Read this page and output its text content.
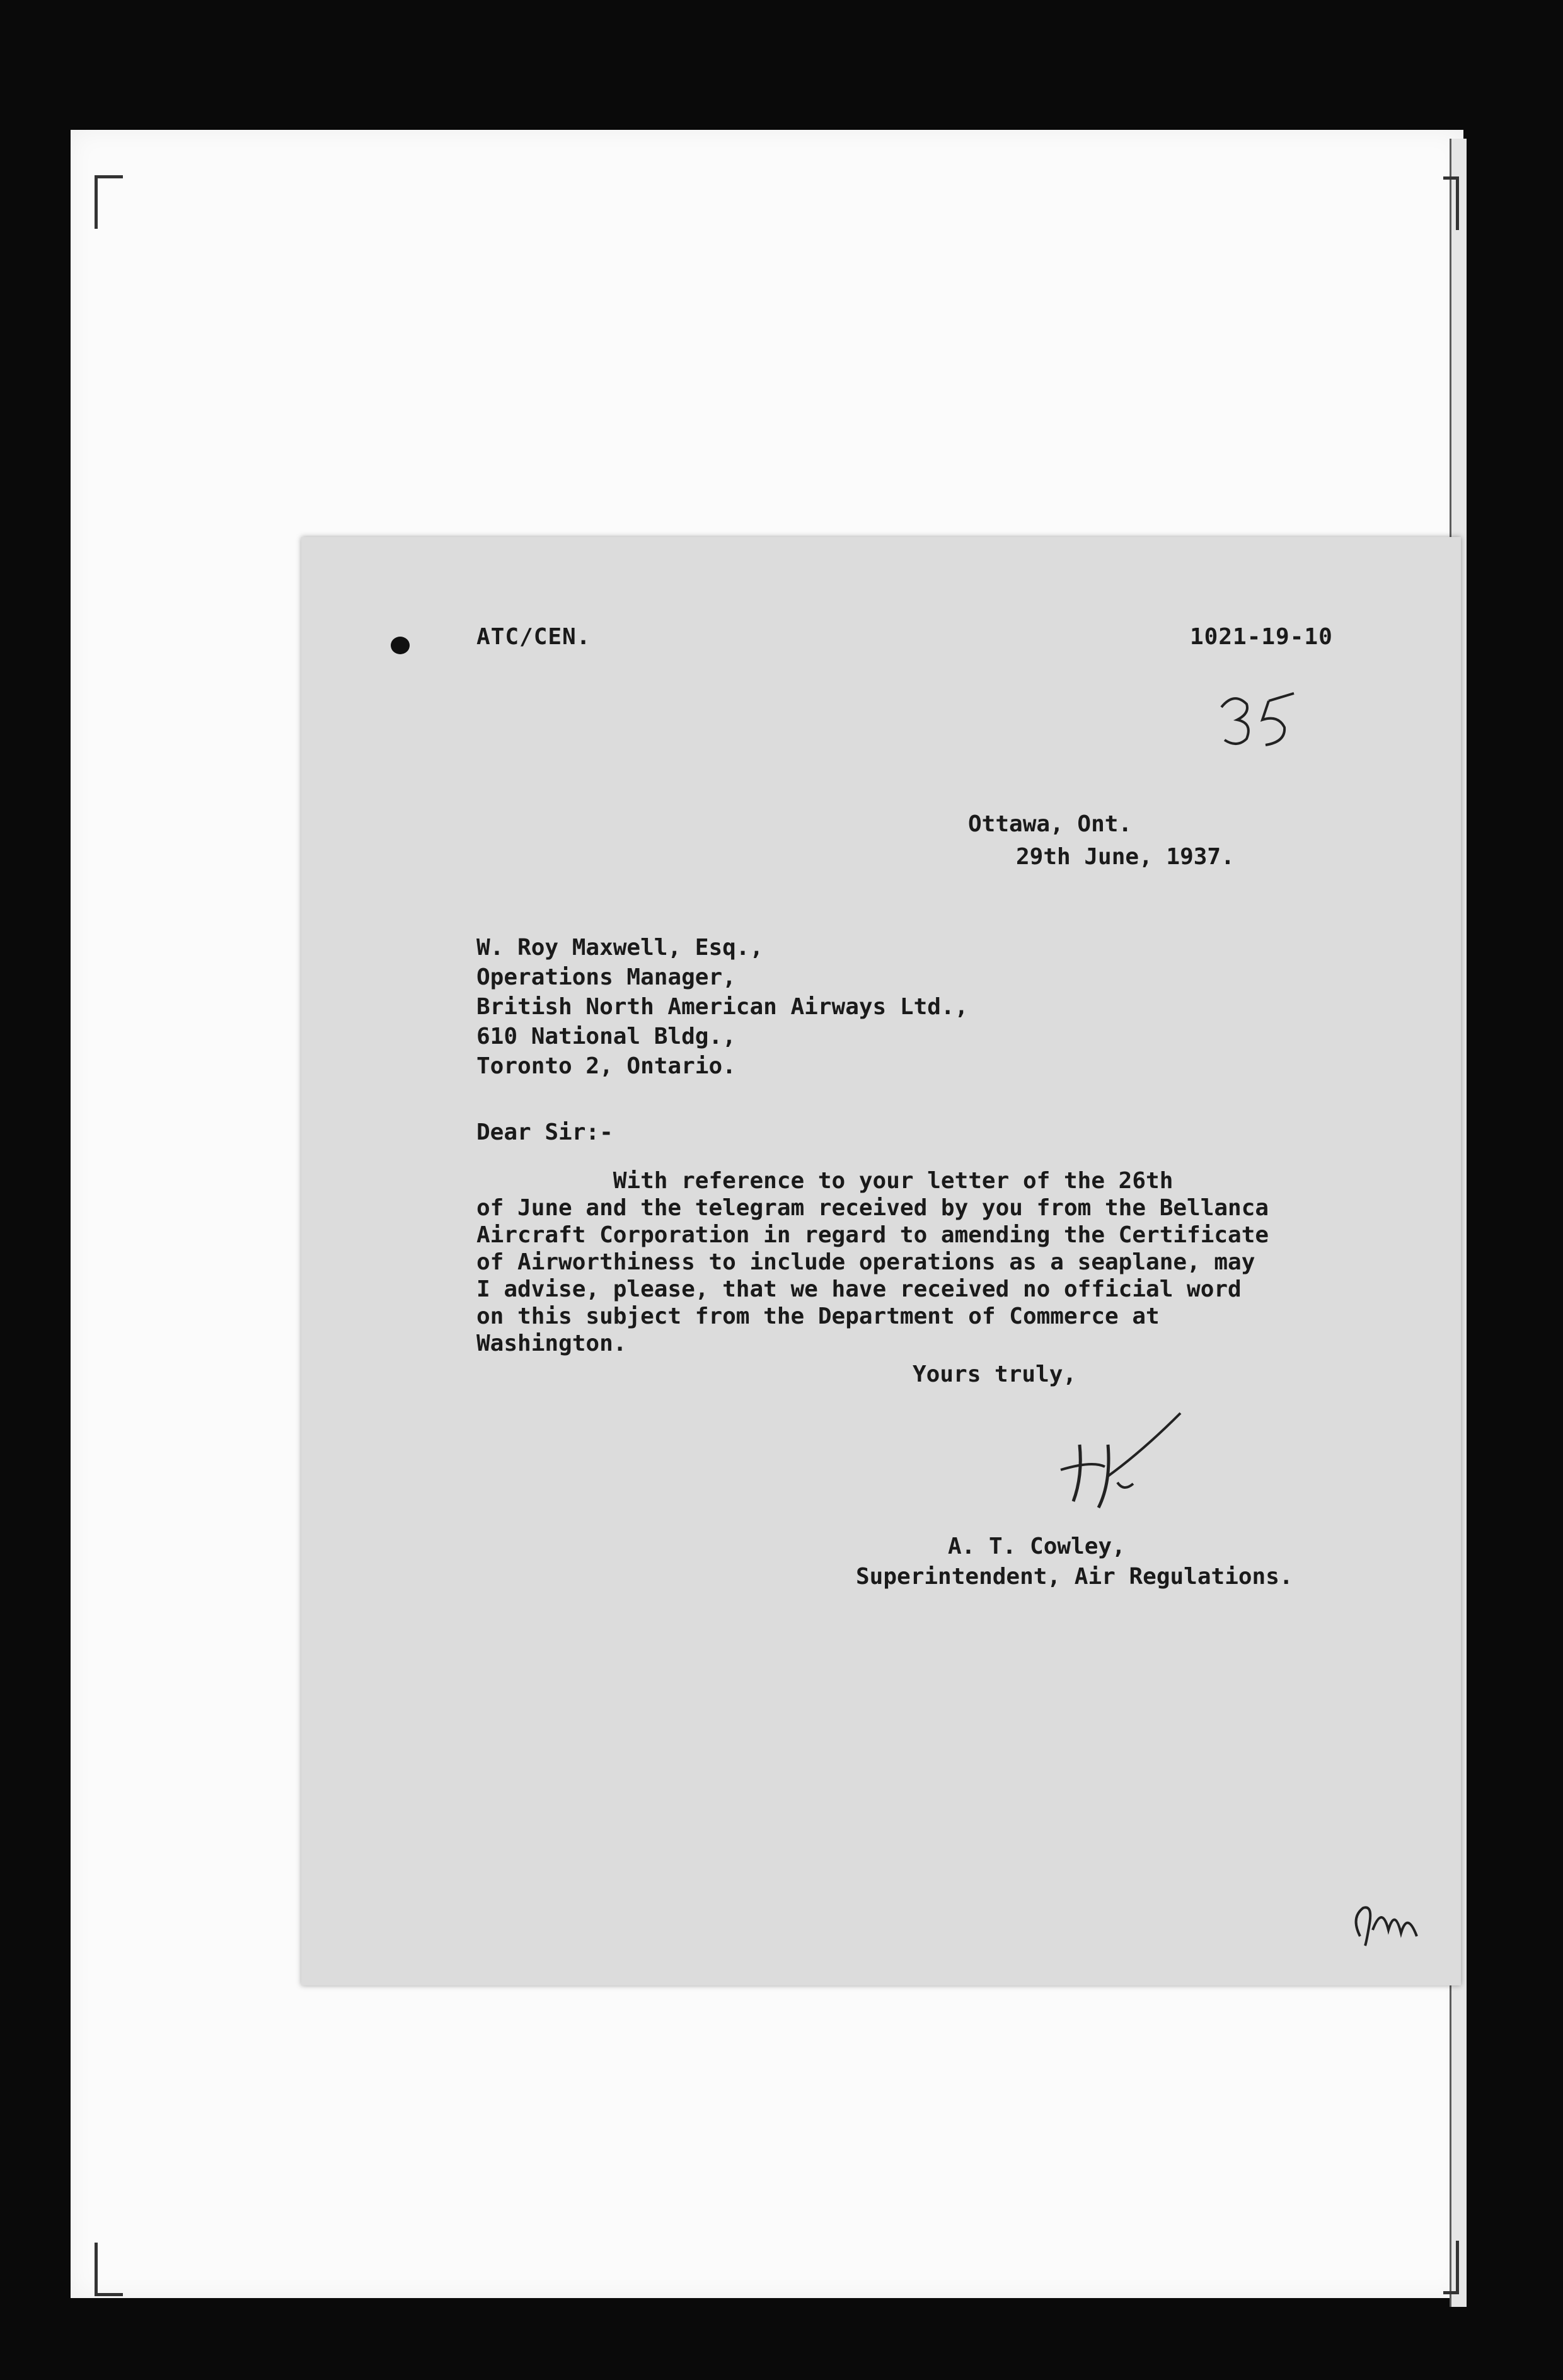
ATC/CEN.	1021-19-10
Ottawa, Ont.
29th June, 1937.
W. Roy Maxwell, Esq.,
Operations Manager,
British North American Airways Ltd.,
610 National Bldg.,
Toronto 2, Ontario.
Dear Sir:-
With reference to your letter of the 26th
of June and the telegram received by you from the Bellanca
Aircraft Corporation in regard to amending the Certificate
of Airworthiness to include operations as a seaplane, may
I advise, please, that we have received no official word
on this subject from the Department of Commerce at
Washington.
Yours truly,
A. T. Cowley,
Superintendent, Air Regulations.
